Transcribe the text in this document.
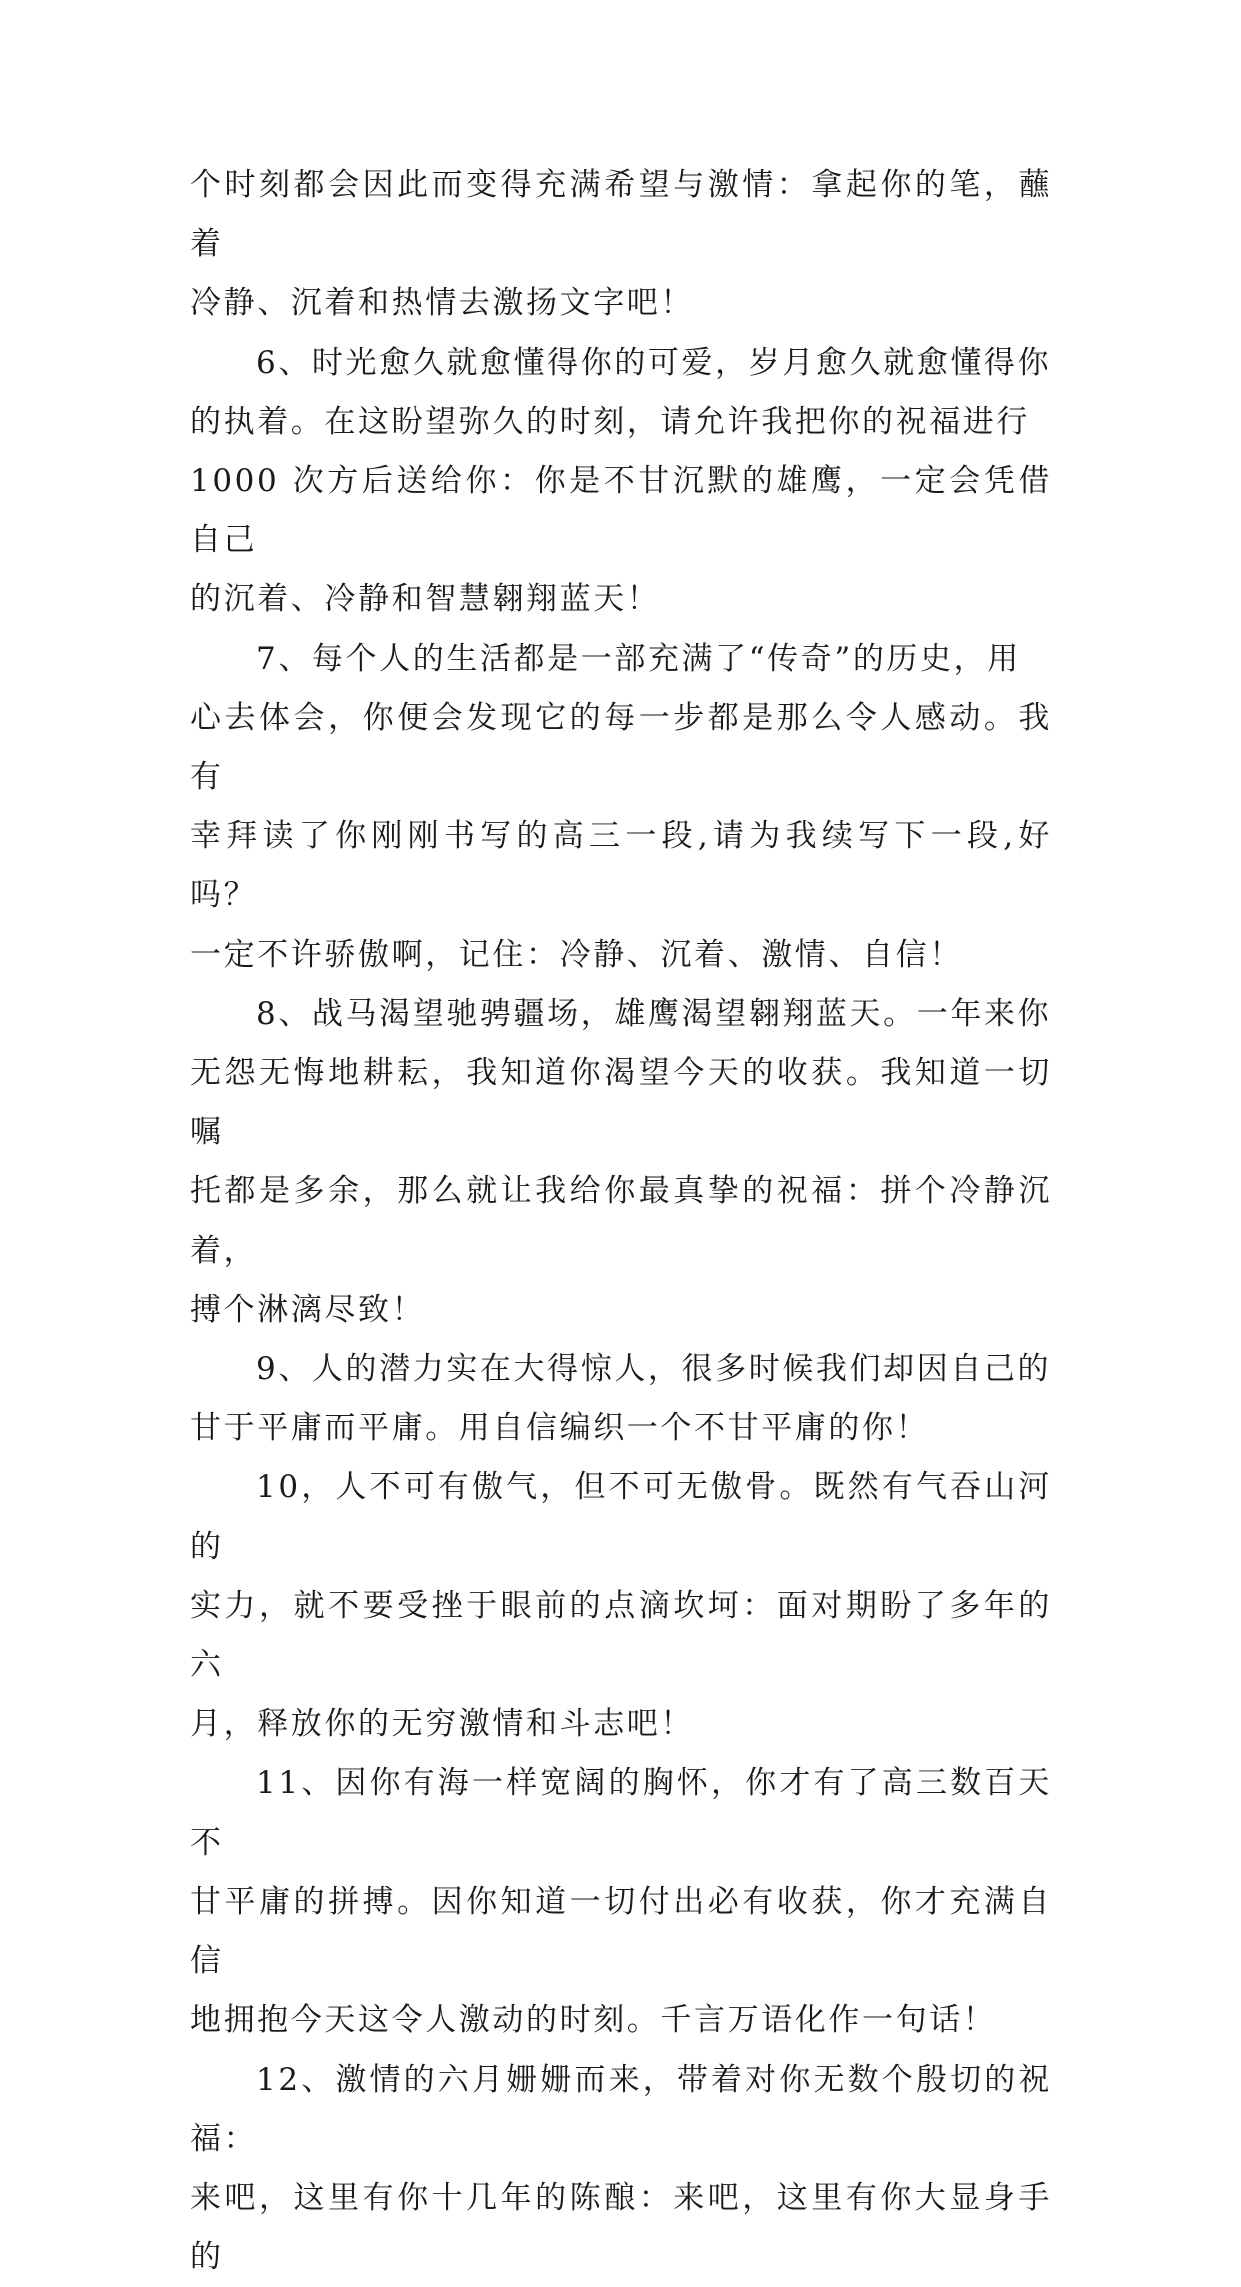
个时刻都会因此而变得充满希望与激情：拿起你的笔，蘸着
冷静、沉着和热情去激扬文字吧！
6、时光愈久就愈懂得你的可爱，岁月愈久就愈懂得你
的执着。在这盼望弥久的时刻，请允许我把你的祝福进行
1000 次方后送给你：你是不甘沉默的雄鹰，一定会凭借自己
的沉着、冷静和智慧翱翔蓝天！
7、每个人的生活都是一部充满了“传奇”的历史，用
心去体会，你便会发现它的每一步都是那么令人感动。我有
幸拜读了你刚刚书写的高三一段,请为我续写下一段,好吗？
一定不许骄傲啊，记住：冷静、沉着、激情、自信！
8、战马渴望驰骋疆场，雄鹰渴望翱翔蓝天。一年来你
无怨无悔地耕耘，我知道你渴望今天的收获。我知道一切嘱
托都是多余，那么就让我给你最真挚的祝福：拼个冷静沉着，
搏个淋漓尽致！
9、人的潜力实在大得惊人，很多时候我们却因自己的
甘于平庸而平庸。用自信编织一个不甘平庸的你！
10，人不可有傲气，但不可无傲骨。既然有气吞山河的
实力，就不要受挫于眼前的点滴坎坷：面对期盼了多年的六
月，释放你的无穷激情和斗志吧！
11、因你有海一样宽阔的胸怀，你才有了高三数百天不
甘平庸的拼搏。因你知道一切付出必有收获，你才充满自信
地拥抱今天这令人激动的时刻。千言万语化作一句话！
12、激情的六月姗姗而来，带着对你无数个殷切的祝福：
来吧，这里有你十几年的陈酿：来吧，这里有你大显身手的
